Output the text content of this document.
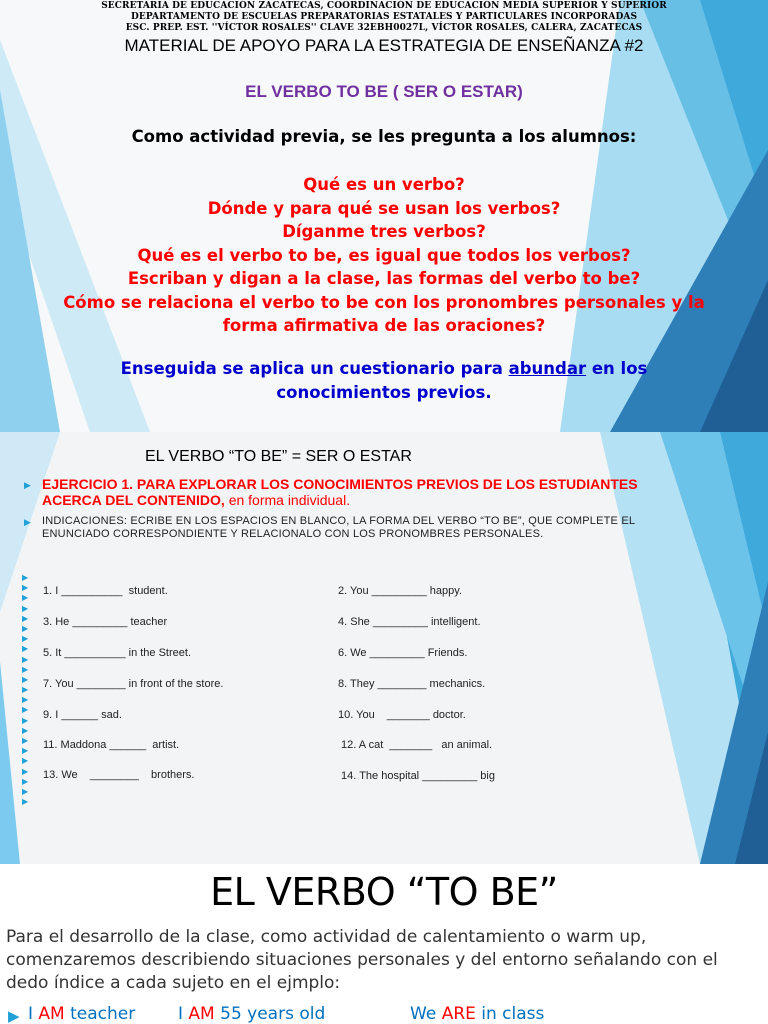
SECRETARIA DE EDUCACIÓN ZACATECAS, COORDINACIÓN DE EDUCACIÓN MEDIA SUPERIOR Y SUPERIOR
DEPARTAMENTO DE ESCUELAS PREPARATORIAS ESTATALES Y PARTICULARES INCORPORADAS
ESC. PREP. EST. ''VÍCTOR ROSALES'' CLAVE 32EBH0027L, VÍCTOR ROSALES, CALERA, ZACATECAS
MATERIAL DE APOYO PARA LA ESTRATEGIA DE ENSEÑANZA #2
EL VERBO TO BE ( SER O ESTAR)
Como actividad previa, se les pregunta a los alumnos:
Qué es un verbo?
Dónde y para qué se usan los verbos?
Díganme tres verbos?
Qué es el verbo to be, es igual que todos los verbos?
Escriban y digan a la clase, las formas del verbo to be?
Cómo se relaciona el verbo to be con los pronombres personales y la
forma afirmativa de las oraciones?
Enseguida se aplica un cuestionario para abundar en los
conocimientos previos.
EL VERBO “TO BE” = SER O ESTAR
▶ EJERCICIO 1. PARA EXPLORAR LOS CONOCIMIENTOS PREVIOS DE LOS ESTUDIANTES
ACERCA DEL CONTENIDO, en forma individual.
▶ INDICACIONES: ECRIBE EN LOS ESPACIOS EN BLANCO, LA FORMA DEL VERBO “TO BE”, QUE COMPLETE EL
ENUNCIADO CORRESPONDIENTE Y RELACIONALO CON LOS PRONOMBRES PERSONALES.
▶
▶
▶
▶
▶
▶
▶
▶
▶
▶
▶
▶
▶
▶
▶
▶
▶
▶
▶
▶
▶
▶
▶
1. I __________  student.
3. He _________ teacher
5. It __________ in the Street.
7. You ________ in front of the store.
9. I ______ sad.
11. Maddona ______  artist.
13. We    ________    brothers.
2. You _________ happy.
4. She _________ intelligent.
6. We _________ Friends.
8. They ________ mechanics.
10. You    _______ doctor.
12. A cat  _______   an animal.
14. The hospital _________ big
EL VERBO “TO BE”
Para el desarrollo de la clase, como actividad de calentamiento o warm up, comenzaremos describiendo situaciones personales y del entorno señalando con el dedo índice a cada sujeto en el ejmplo:
▶ I AM teacher	I AM 55 years old	We ARE in class
